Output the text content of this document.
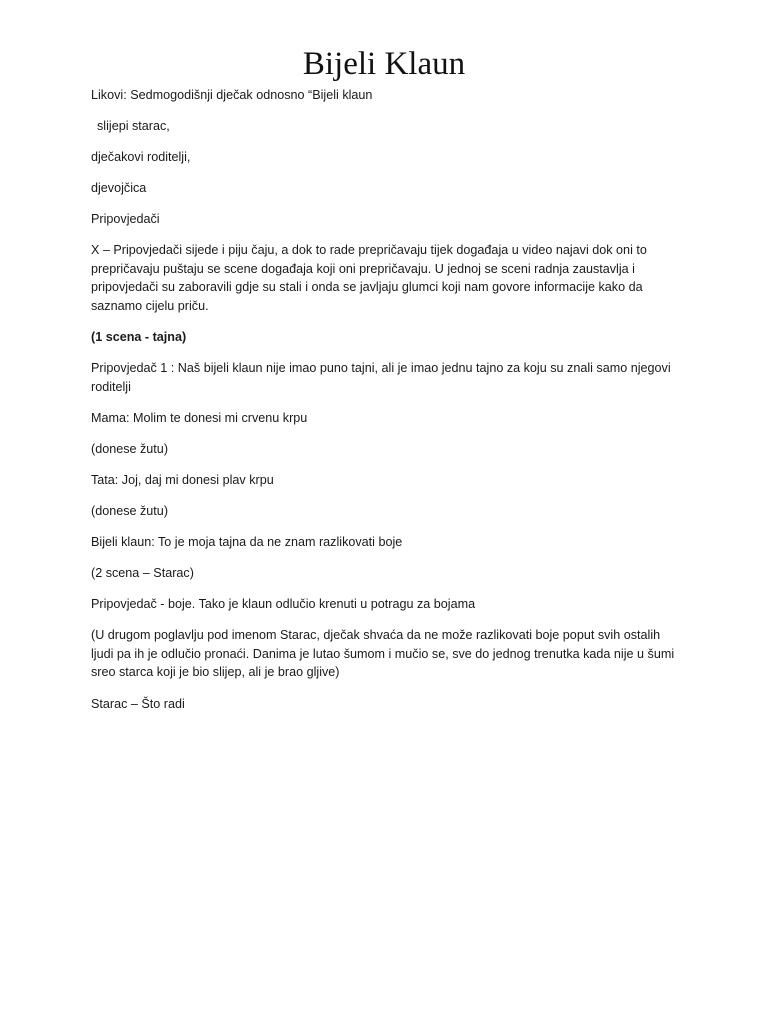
Bijeli Klaun

Likovi: Sedmogodišnji dječak odnosno “Bijeli klaun

slijepi starac,

dječakovi roditelji,

djevojčica

Pripovjedači

X – Pripovjedači sijede i piju čaju, a dok to rade prepričavaju tijek događaja u video najavi dok oni to prepričavaju puštaju se scene događaja koji oni prepričavaju. U jednoj se sceni radnja zaustavlja i pripovjedači su zaboravili gdje su stali i onda se javljaju glumci koji nam govore informacije kako da saznamo cijelu priču.

(1 scena - tajna)

Pripovjedač 1 : Naš bijeli klaun nije imao puno tajni, ali je imao jednu tajno za koju su znali samo njegovi roditelji

Mama: Molim te donesi mi crvenu krpu

(donese žutu)

Tata: Joj, daj mi donesi plav krpu

(donese žutu)

Bijeli klaun: To je moja tajna da ne znam razlikovati boje

(2 scena – Starac)

Pripovjedač - boje. Tako je klaun odlučio krenuti u potragu za bojama

(U drugom poglavlju pod imenom Starac, dječak shvaća da ne može razlikovati boje poput svih ostalih ljudi pa ih je odlučio pronaći. Danima je lutao šumom i mučio se, sve do jednog trenutka kada nije u šumi sreo starca koji je bio slijep, ali je brao gljive)

Starac – Što radi
